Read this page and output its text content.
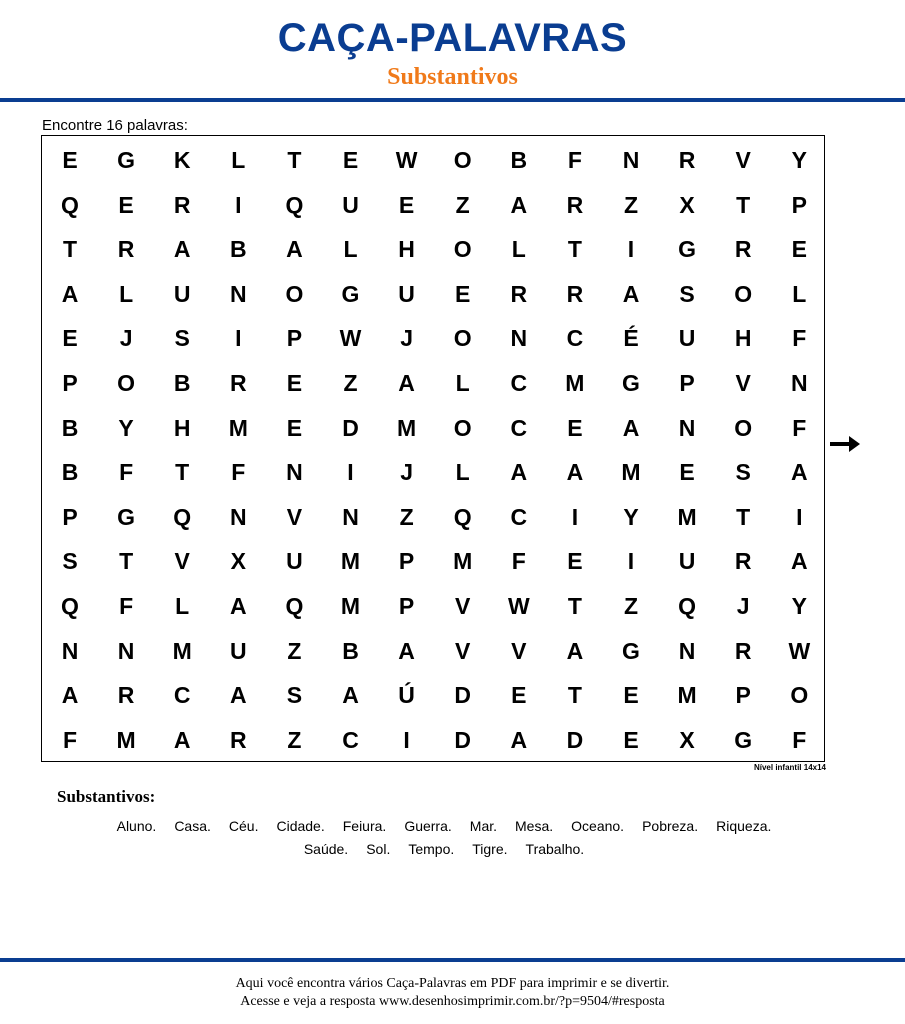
CAÇA-PALAVRAS
Substantivos
Encontre 16 palavras:
E	G	K	L	T	E	W	O	B	F	N	R	V	Y
Q	E	R	I	Q	U	E	Z	A	R	Z	X	T	P
T	R	A	B	A	L	H	O	L	T	I	G	R	E
A	L	U	N	O	G	U	E	R	R	A	S	O	L
E	J	S	I	P	W	J	O	N	C	É	U	H	F
P	O	B	R	E	Z	A	L	C	M	G	P	V	N
B	Y	H	M	E	D	M	O	C	E	A	N	O	F
B	F	T	F	N	I	J	L	A	A	M	E	S	A
P	G	Q	N	V	N	Z	Q	C	I	Y	M	T	I
S	T	V	X	U	M	P	M	F	E	I	U	R	A
Q	F	L	A	Q	M	P	V	W	T	Z	Q	J	Y
N	N	M	U	Z	B	A	V	V	A	G	N	R	W
A	R	C	A	S	A	Ú	D	E	T	E	M	P	O
F	M	A	R	Z	C	I	D	A	D	E	X	G	F
Nível infantil 14x14
Substantivos:
Aluno. Casa. Céu. Cidade. Feiura. Guerra. Mar. Mesa. Oceano. Pobreza. Riqueza.
Saúde. Sol. Tempo. Tigre. Trabalho.
Aqui você encontra vários Caça-Palavras em PDF para imprimir e se divertir.
Acesse e veja a resposta www.desenhosimprimir.com.br/?p=9504/#resposta
